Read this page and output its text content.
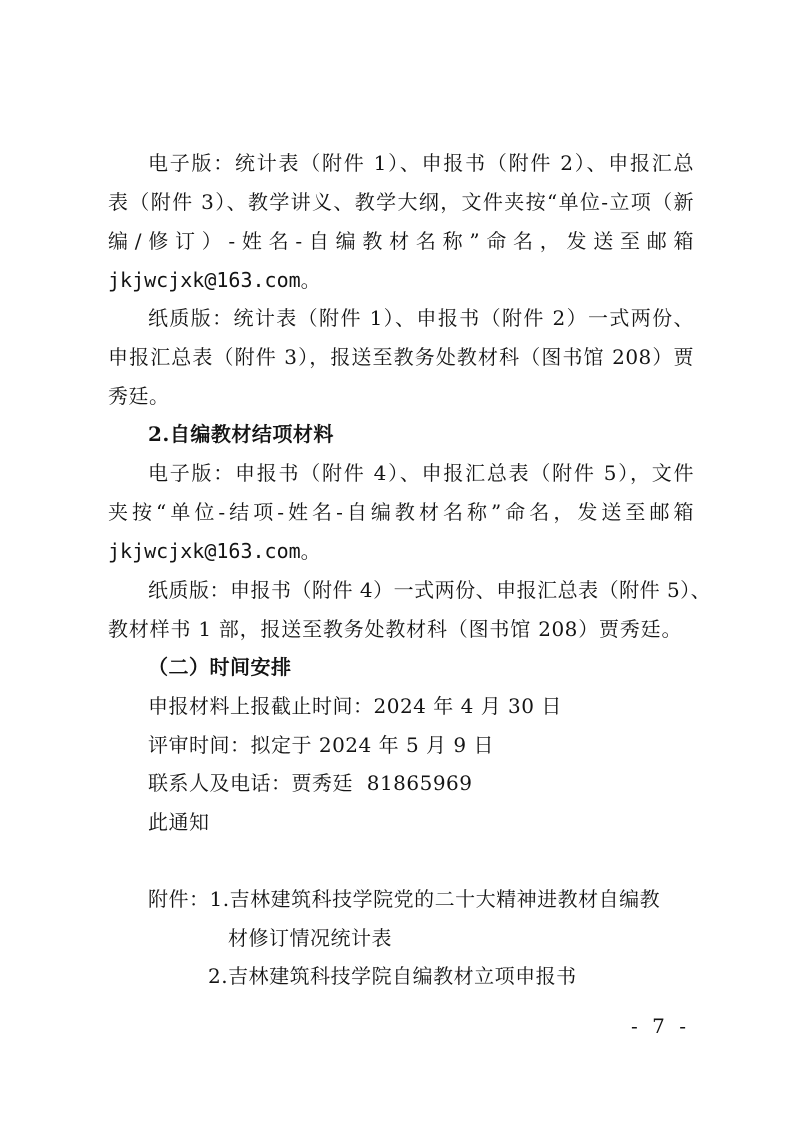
电子版：统计表（附件 1）、申报书（附件 2）、申报汇总
表（附件 3）、教学讲义、教学大纲，文件夹按“单位-立项（新
编/修订）-姓名-自编教材名称”命名，发送至邮箱
jkjwcjxk@163.com。
纸质版：统计表（附件 1）、申报书（附件 2）一式两份、
申报汇总表（附件 3），报送至教务处教材科（图书馆 208）贾
秀廷。
2.自编教材结项材料
电子版：申报书（附件 4）、申报汇总表（附件 5），文件
夹按“单位-结项-姓名-自编教材名称”命名，发送至邮箱
jkjwcjxk@163.com。
纸质版：申报书（附件 4）一式两份、申报汇总表（附件 5）、
教材样书 1 部，报送至教务处教材科（图书馆 208）贾秀廷。
（二）时间安排
申报材料上报截止时间：2024 年 4 月 30 日
评审时间：拟定于 2024 年 5 月 9 日
联系人及电话：贾秀廷  81865969
此通知
附件：1.吉林建筑科技学院党的二十大精神进教材自编教
材修订情况统计表
2.吉林建筑科技学院自编教材立项申报书
- 7 -
